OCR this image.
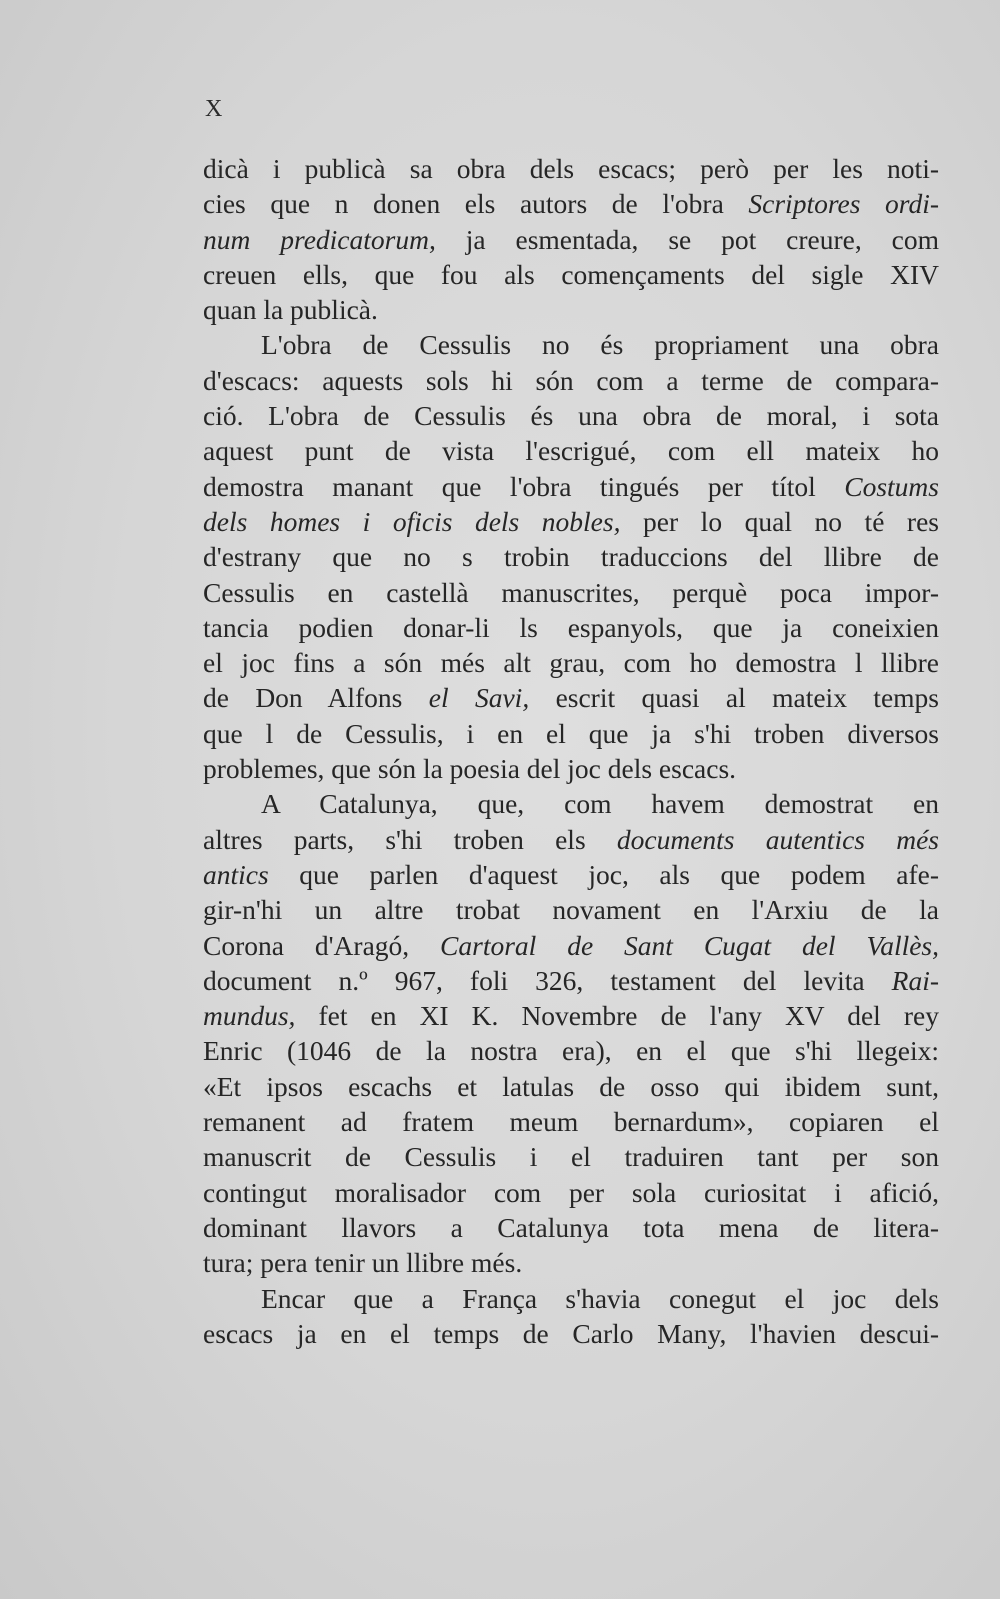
X
dicà i publicà sa obra dels escacs; però per les noti-
cies que n donen els autors de l'obra Scriptores ordi-
num predicatorum, ja esmentada, se pot creure, com
creuen ells, que fou als començaments del sigle XIV
quan la publicà.
L'obra de Cessulis no és propriament una obra
d'escacs: aquests sols hi són com a terme de compara-
ció. L'obra de Cessulis és una obra de moral, i sota
aquest punt de vista l'escrigué, com ell mateix ho
demostra manant que l'obra tingués per títol Costums
dels homes i oficis dels nobles, per lo qual no té res
d'estrany que no s trobin traduccions del llibre de
Cessulis en castellà manuscrites, perquè poca impor-
tancia podien donar-li ls espanyols, que ja coneixien
el joc fins a són més alt grau, com ho demostra l llibre
de Don Alfons el Savi, escrit quasi al mateix temps
que l de Cessulis, i en el que ja s'hi troben diversos
problemes, que són la poesia del joc dels escacs.
A Catalunya, que, com havem demostrat en
altres parts, s'hi troben els documents autentics més
antics que parlen d'aquest joc, als que podem afe-
gir-n'hi un altre trobat novament en l'Arxiu de la
Corona d'Aragó, Cartoral de Sant Cugat del Vallès,
document n.º 967, foli 326, testament del levita Rai-
mundus, fet en XI K. Novembre de l'any XV del rey
Enric (1046 de la nostra era), en el que s'hi llegeix:
«Et ipsos escachs et latulas de osso qui ibidem sunt,
remanent ad fratem meum bernardum», copiaren el
manuscrit de Cessulis i el traduiren tant per son
contingut moralisador com per sola curiositat i afició,
dominant llavors a Catalunya tota mena de litera-
tura; pera tenir un llibre més.
Encar que a França s'havia conegut el joc dels
escacs ja en el temps de Carlo Many, l'havien descui-
